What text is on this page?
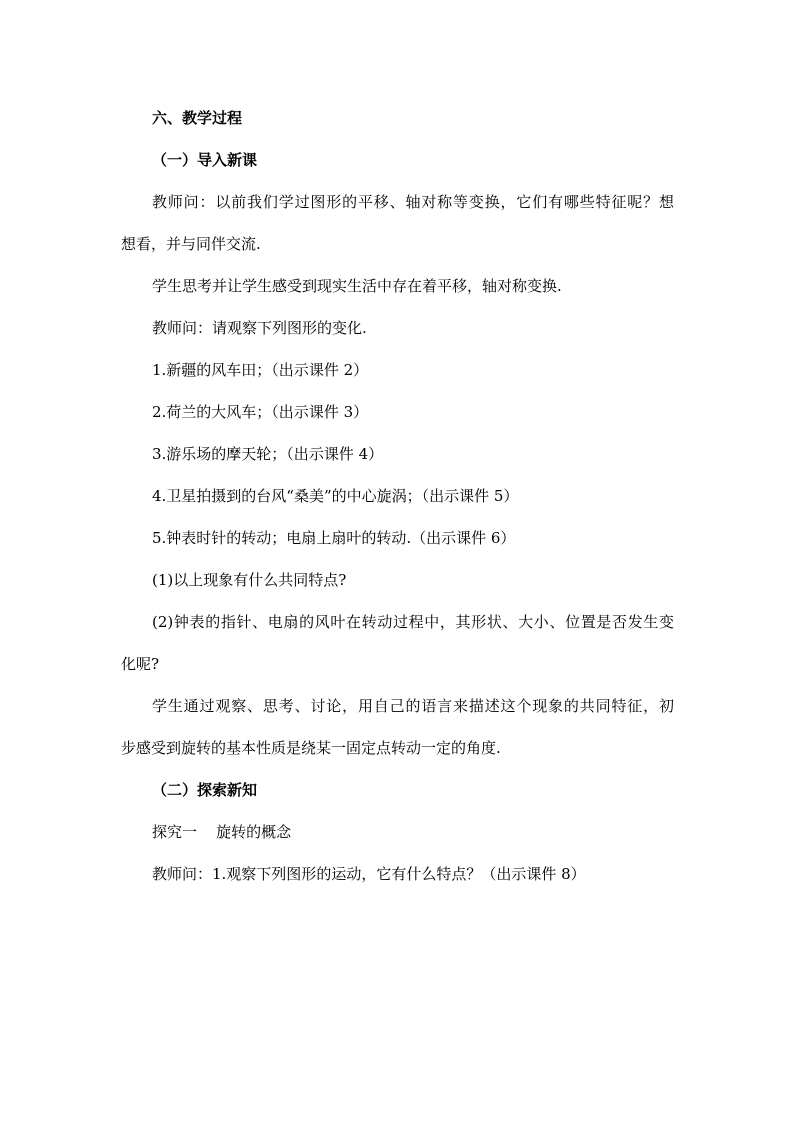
六、教学过程
（一）导入新课
教师问：以前我们学过图形的平移、轴对称等变换，它们有哪些特征呢？想
想看，并与同伴交流.
学生思考并让学生感受到现实生活中存在着平移，轴对称变换.
教师问：请观察下列图形的变化.
1.新疆的风车田；（出示课件 2）
2.荷兰的大风车；（出示课件 3）
3.游乐场的摩天轮；（出示课件 4）
4.卫星拍摄到的台风“桑美”的中心旋涡；（出示课件 5）
5.钟表时针的转动；电扇上扇叶的转动.（出示课件 6）
(1)以上现象有什么共同特点?
(2)钟表的指针、电扇的风叶在转动过程中，其形状、大小、位置是否发生变
化呢?
学生通过观察、思考、讨论，用自己的语言来描述这个现象的共同特征，初
步感受到旋转的基本性质是绕某一固定点转动一定的角度.
（二）探索新知
探究一    旋转的概念
教师问：1.观察下列图形的运动，它有什么特点？（出示课件 8）
